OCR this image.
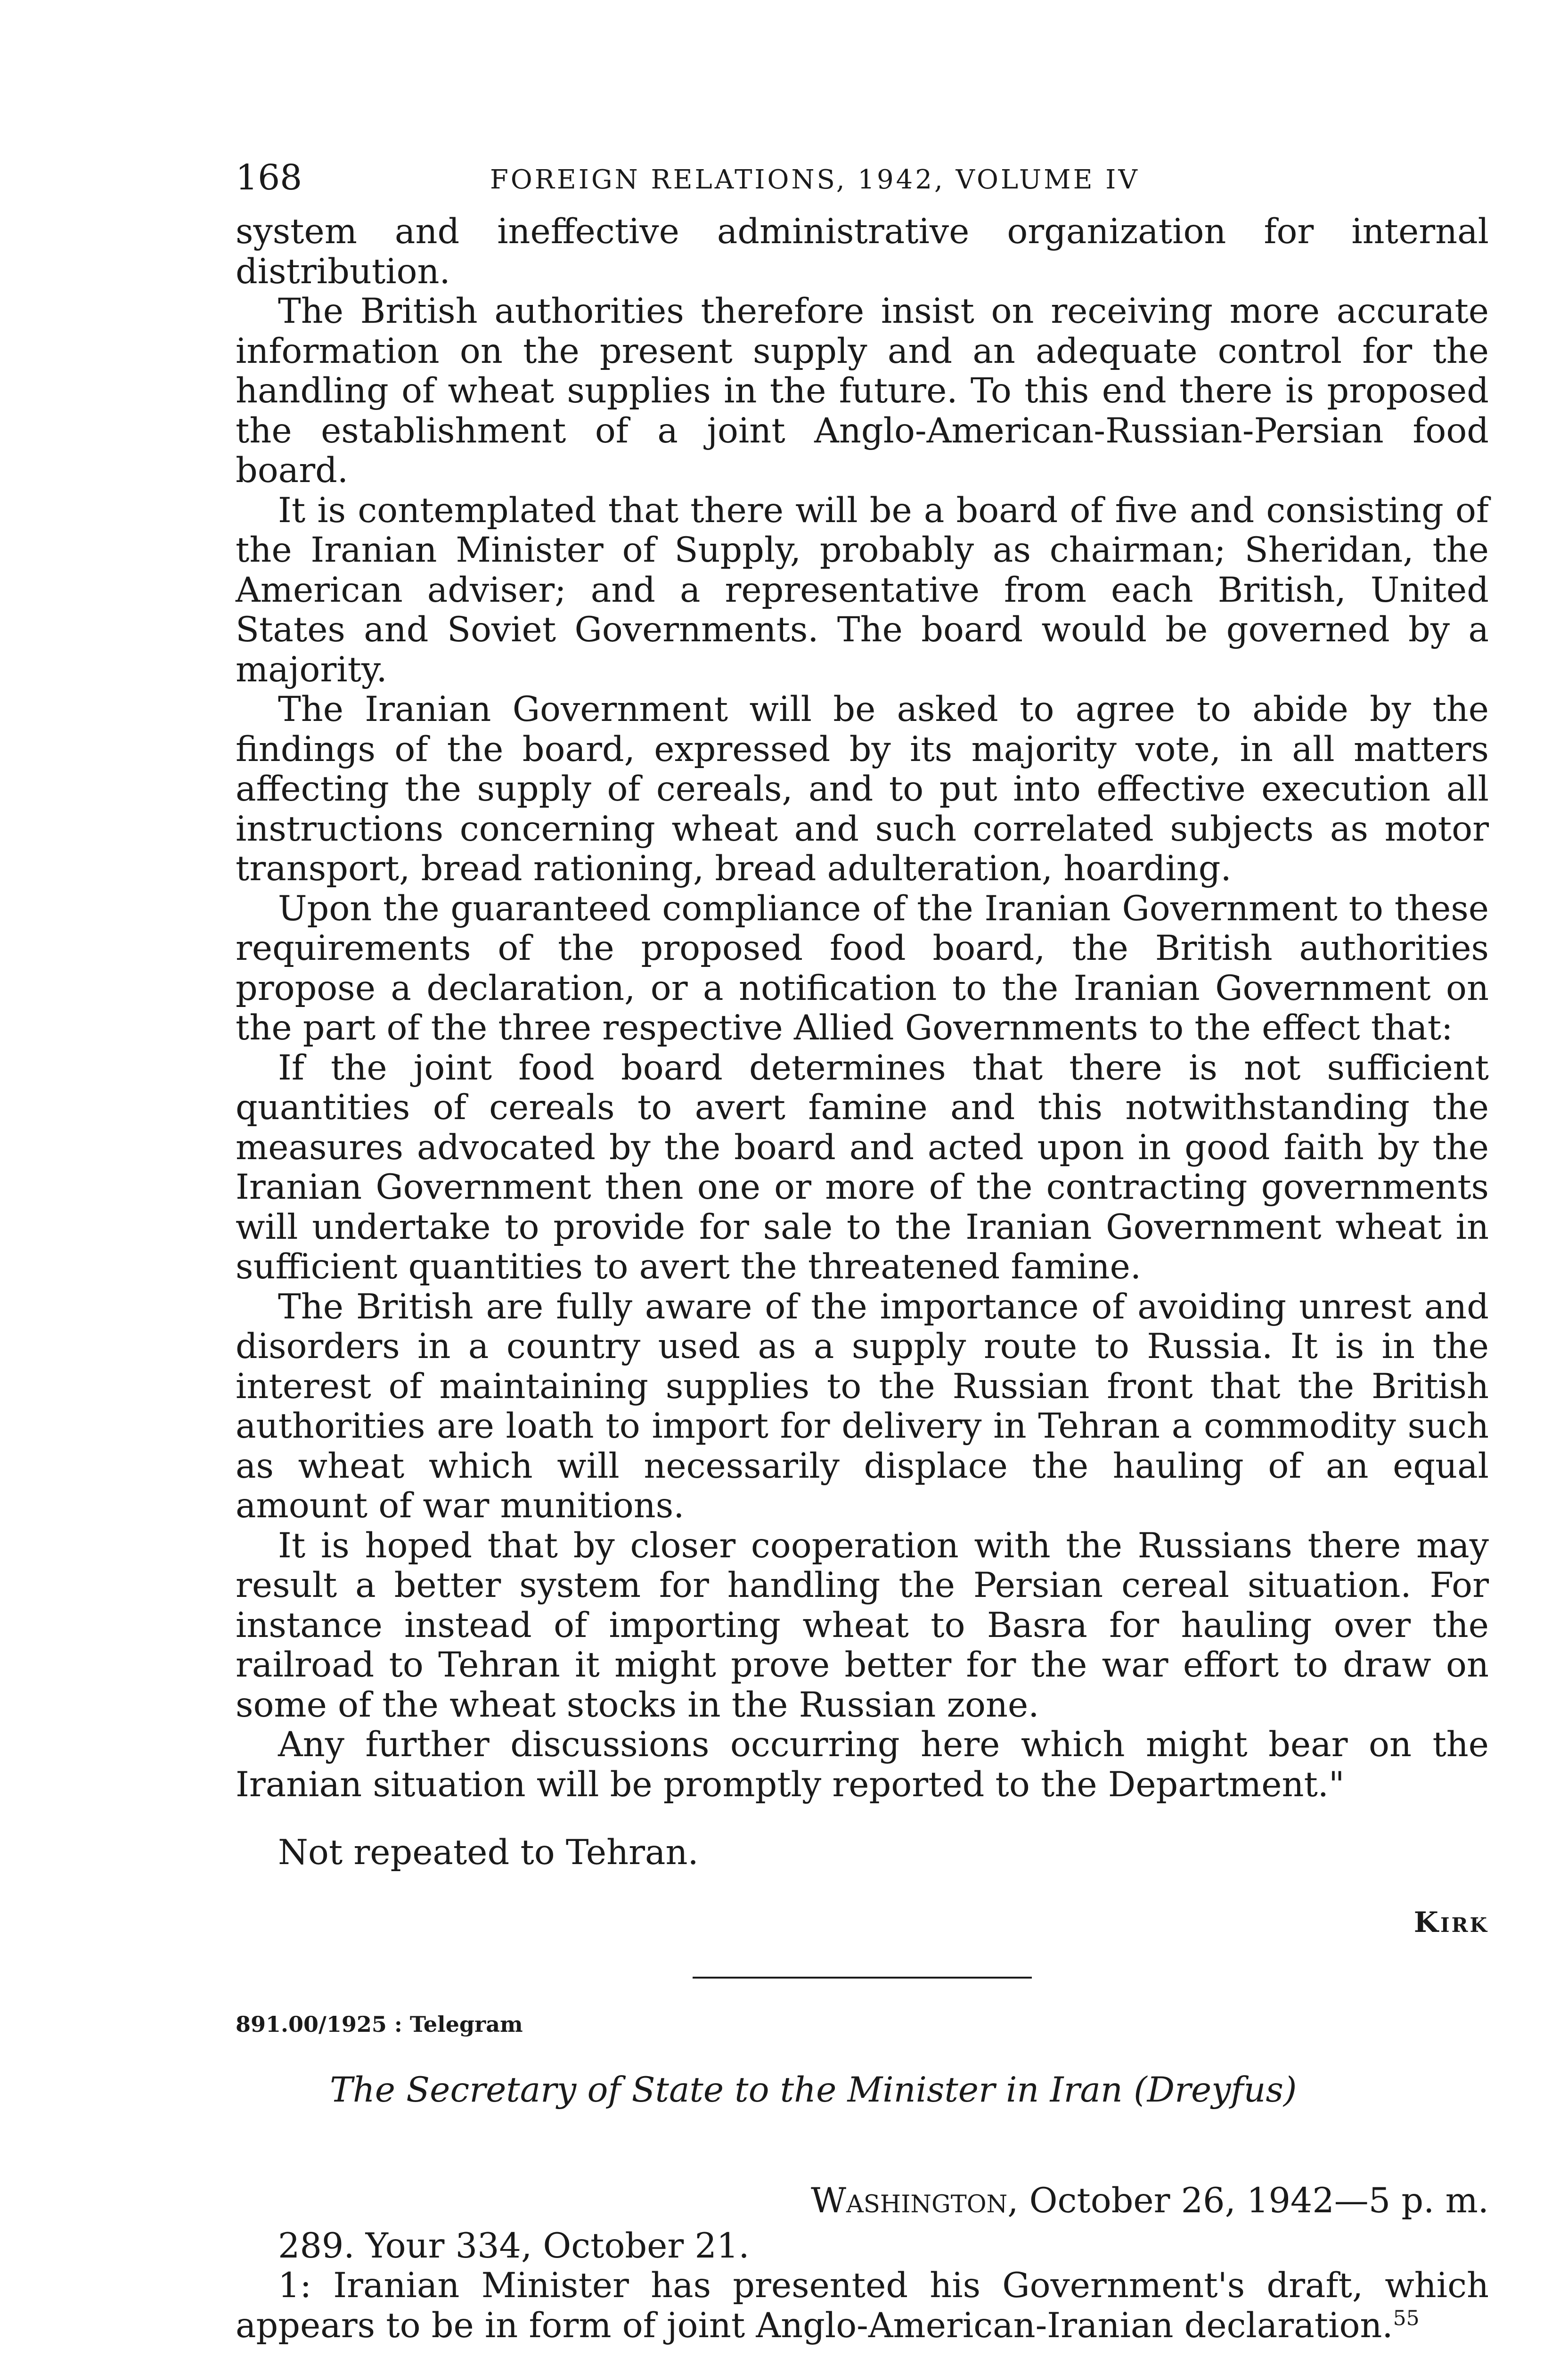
168	FOREIGN RELATIONS, 1942, VOLUME IV

system and ineffective administrative organization for internal distribution.

The British authorities therefore insist on receiving more accurate information on the present supply and an adequate control for the handling of wheat supplies in the future. To this end there is proposed the establishment of a joint Anglo-American-Russian-Persian food board.

It is contemplated that there will be a board of five and consisting of the Iranian Minister of Supply, probably as chairman; Sheridan, the American adviser; and a representative from each British, United States and Soviet Governments. The board would be governed by a majority.

The Iranian Government will be asked to agree to abide by the findings of the board, expressed by its majority vote, in all matters affecting the supply of cereals, and to put into effective execution all instructions concerning wheat and such correlated subjects as motor transport, bread rationing, bread adulteration, hoarding.

Upon the guaranteed compliance of the Iranian Government to these requirements of the proposed food board, the British authorities propose a declaration, or a notification to the Iranian Government on the part of the three respective Allied Governments to the effect that:

If the joint food board determines that there is not sufficient quantities of cereals to avert famine and this notwithstanding the measures advocated by the board and acted upon in good faith by the Iranian Government then one or more of the contracting governments will undertake to provide for sale to the Iranian Government wheat in sufficient quantities to avert the threatened famine.

The British are fully aware of the importance of avoiding unrest and disorders in a country used as a supply route to Russia. It is in the interest of maintaining supplies to the Russian front that the British authorities are loath to import for delivery in Tehran a commodity such as wheat which will necessarily displace the hauling of an equal amount of war munitions.

It is hoped that by closer cooperation with the Russians there may result a better system for handling the Persian cereal situation. For instance instead of importing wheat to Basra for hauling over the railroad to Tehran it might prove better for the war effort to draw on some of the wheat stocks in the Russian zone.

Any further discussions occurring here which might bear on the Iranian situation will be promptly reported to the Department."

Not repeated to Tehran.
Kirk
891.00/1925 : Telegram
The Secretary of State to the Minister in Iran (Dreyfus)
Washington, October 26, 1942—5 p. m.

289. Your 334, October 21.

1: Iranian Minister has presented his Government's draft, which appears to be in form of joint Anglo-American-Iranian declaration.$^{55}$
